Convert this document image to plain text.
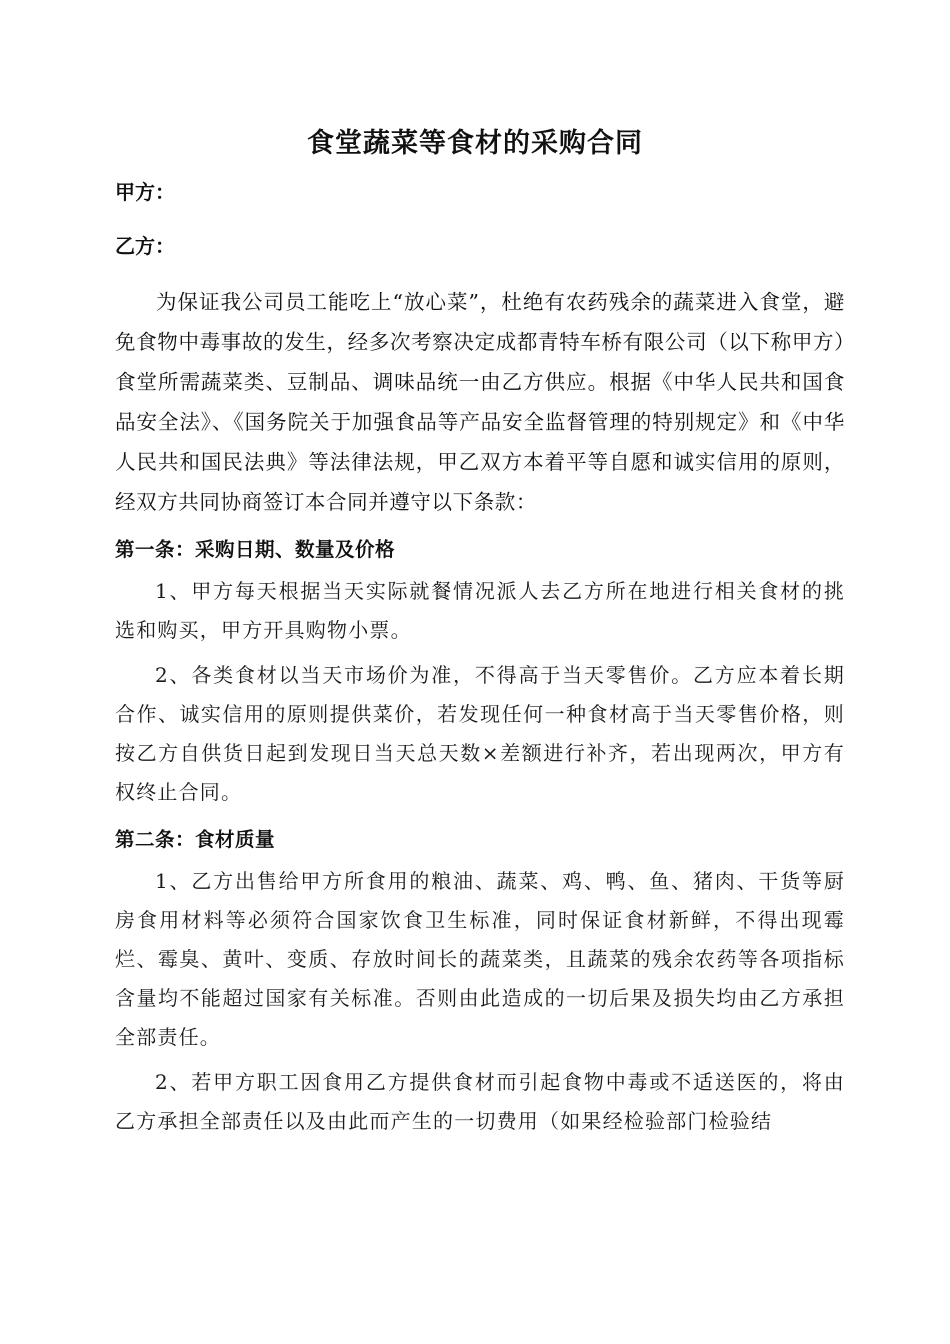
食堂蔬菜等食材的采购合同
甲方：
乙方：

为保证我公司员工能吃上“放心菜”，杜绝有农药残余的蔬菜进入食堂，避免食物中毒事故的发生，经多次考察决定成都青特车桥有限公司（以下称甲方）食堂所需蔬菜类、豆制品、调味品统一由乙方供应。根据《中华人民共和国食品安全法》、《国务院关于加强食品等产品安全监督管理的特别规定》和《中华人民共和国民法典》等法律法规，甲乙双方本着平等自愿和诚实信用的原则，经双方共同协商签订本合同并遵守以下条款：

第一条：采购日期、数量及价格

1、甲方每天根据当天实际就餐情况派人去乙方所在地进行相关食材的挑选和购买，甲方开具购物小票。

2、各类食材以当天市场价为准，不得高于当天零售价。乙方应本着长期合作、诚实信用的原则提供菜价，若发现任何一种食材高于当天零售价格，则按乙方自供货日起到发现日当天总天数×差额进行补齐，若出现两次，甲方有权终止合同。

第二条：食材质量

1、乙方出售给甲方所食用的粮油、蔬菜、鸡、鸭、鱼、猪肉、干货等厨房食用材料等必须符合国家饮食卫生标准，同时保证食材新鲜，不得出现霉烂、霉臭、黄叶、变质、存放时间长的蔬菜类，且蔬菜的残余农药等各项指标含量均不能超过国家有关标准。否则由此造成的一切后果及损失均由乙方承担全部责任。

2、若甲方职工因食用乙方提供食材而引起食物中毒或不适送医的，将由乙方承担全部责任以及由此而产生的一切费用（如果经检验部门检验结
